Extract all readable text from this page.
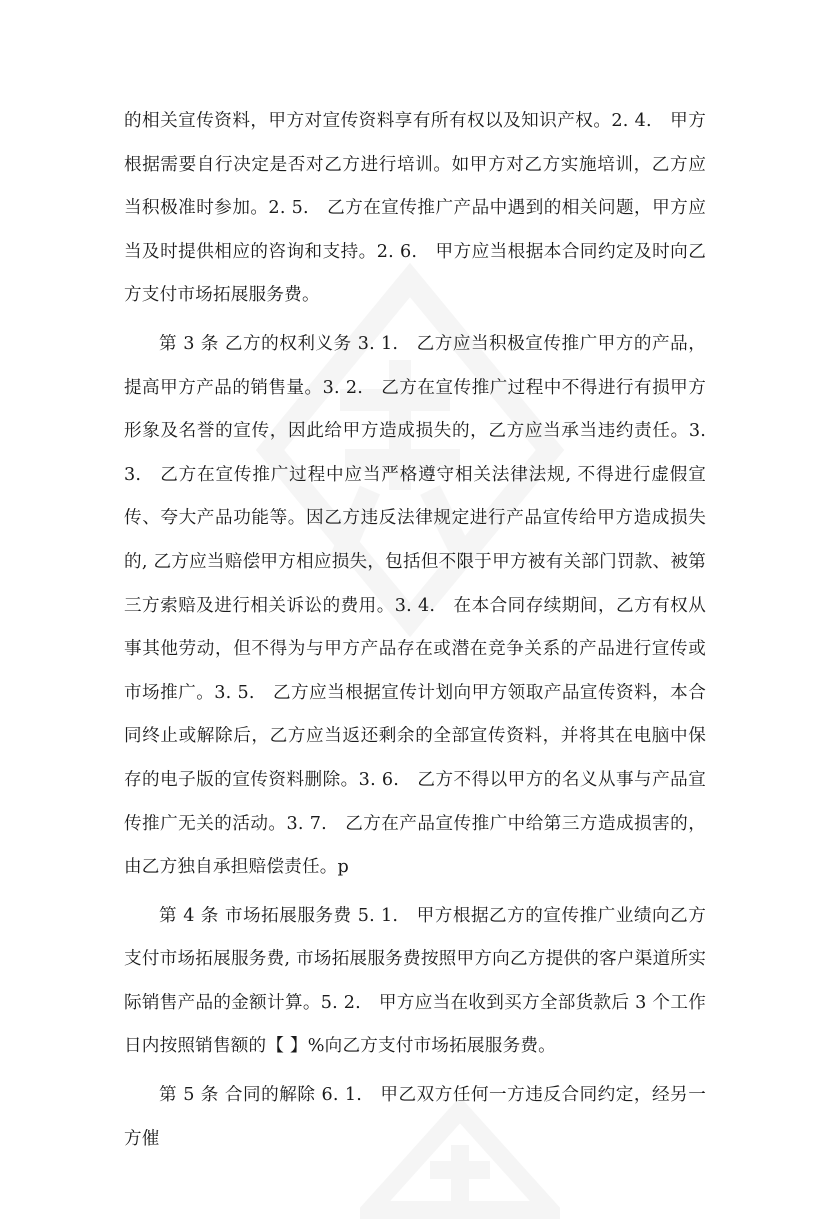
的相关宣传资料，甲方对宣传资料享有所有权以及知识产权。2. 4.　甲方根据需要自行决定是否对乙方进行培训。如甲方对乙方实施培训，乙方应当积极准时参加。2. 5.　乙方在宣传推广产品中遇到的相关问题，甲方应当及时提供相应的咨询和支持。2. 6.　甲方应当根据本合同约定及时向乙方支付市场拓展服务费。

第 3 条 乙方的权利义务 3. 1.　乙方应当积极宣传推广甲方的产品，提高甲方产品的销售量。3. 2.　乙方在宣传推广过程中不得进行有损甲方形象及名誉的宣传，因此给甲方造成损失的，乙方应当承当违约责任。3. 3.　乙方在宣传推广过程中应当严格遵守相关法律法规, 不得进行虚假宣传、夸大产品功能等。因乙方违反法律规定进行产品宣传给甲方造成损失的, 乙方应当赔偿甲方相应损失，包括但不限于甲方被有关部门罚款、被第三方索赔及进行相关诉讼的费用。3. 4.　在本合同存续期间，乙方有权从事其他劳动，但不得为与甲方产品存在或潜在竞争关系的产品进行宣传或市场推广。3. 5.　乙方应当根据宣传计划向甲方领取产品宣传资料，本合同终止或解除后，乙方应当返还剩余的全部宣传资料，并将其在电脑中保存的电子版的宣传资料删除。3. 6.　乙方不得以甲方的名义从事与产品宣传推广无关的活动。3. 7.　乙方在产品宣传推广中给第三方造成损害的，由乙方独自承担赔偿责任。p

第 4 条 市场拓展服务费 5. 1.　甲方根据乙方的宣传推广业绩向乙方支付市场拓展服务费, 市场拓展服务费按照甲方向乙方提供的客户渠道所实际销售产品的金额计算。5. 2.　甲方应当在收到买方全部货款后 3 个工作日内按照销售额的【 】%向乙方支付市场拓展服务费。

第 5 条 合同的解除 6. 1.　甲乙双方任何一方违反合同约定，经另一方催
